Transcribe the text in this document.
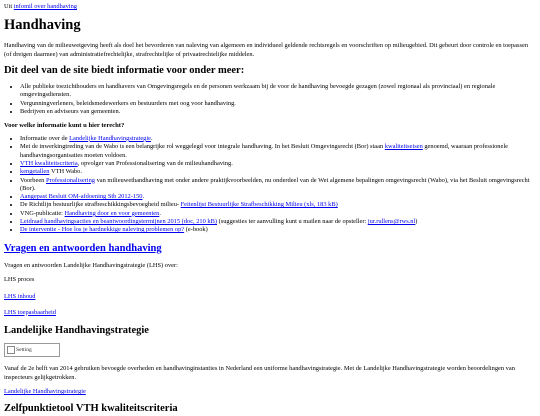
Uit infomil over handhaving
Handhaving

Handhaving van de milieuwetgeving heeft als doel het bevorderen van naleving van algemeen en individueel geldende rechtsregels en voorschriften op milieugebied. Dit gebeurt door controle en toepassen (of dreigen daarmee) van administratiefrechtelijke, strafrechtelijke of privaatrechtelijke middelen.

Dit deel van de site biedt informatie voor onder meer:
• Alle publieke toezichthouders en handhavers van Omgevingsregels en de personen werkzaam bij de voor de handhaving bevoegde gezagen (zowel regionaal als provinciaal) en regionale omgevingsdiensten.
• Vergunningverleners, beleidsmedewerkers en bestuurders met oog voor handhaving.
• Bedrijven en adviseurs van gemeenten.
Voor welke informatie kunt u hier terecht?
• Informatie over de Landelijke Handhavingstrategie.
• Met de inwerkingtreding van de Wabo is een belangrijke rol weggelegd voor integrale handhaving. In het Besluit Omgevingsrecht (Bor) staan kwaliteitseisen genoemd, waaraan professionele handhavingsorganisaties moeten voldoen.
• VTH kwaliteitscriteria, opvolger van Professionalisering van de milieuhandhaving.
• kengetallen VTH Wabo.
• Voorbeen Professionalisering van milieuwethandhaving met onder andere praktijkvoorbeelden, nu onderdeel van de Wet algemene bepalingen omgevingsrecht (Wabo), via het Besluit omgevingsrecht (Bor).
• Aangepast Besluit OM-afdoening Stb 2012-150.
• De Richtlijn bestuurlijke strafbeschikkingsbevoegheid milieu- Feitenlijst Bestuurlijke Strafbeschikking Milieu (xls, 183 kB)
• VNG-publicatie: Handhaving door en voor gemeenten.
• Leidraad handhavingsacties en beantwoordingstermijnen 2015 (doc, 210 kB) (suggesties ter aanvulling kunt u mailen naar de opsteller: jur.rullens@rws.nl)
• De interventie - Hoe los je hardnekkige naleving problemen op? (e-book)
Vragen en antwoorden handhaving

Vragen en antwoorden Landelijke Handhavingstrategie (LHS) over:

LHS proces

LHS inhoud

LHS toepasbaarheid

Landelijke Handhavingstrategie
Setting

Vanaf de 2e helft van 2014 gebruiken bevoegde overheden en handhavinginstanties in Nederland een uniforme handhavingstrategie. Met de Landelijke Handhavingstrategie worden beoordelingen van inspecteurs gelijkgetrokken.

Landelijke Handhavingstrategie

Zelfpunktietool VTH kwaliteitscriteria
